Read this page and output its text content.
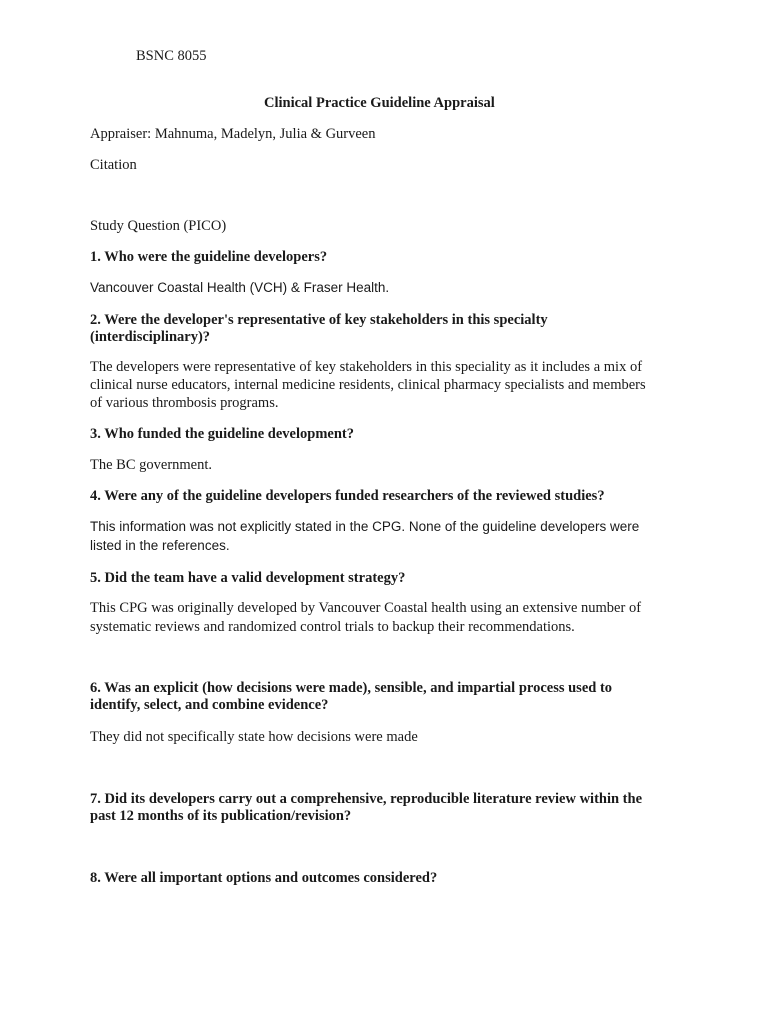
BSNC 8055

Clinical Practice Guideline Appraisal

Appraiser: Mahnuma, Madelyn, Julia & Gurveen

Citation

Study Question (PICO)

1. Who were the guideline developers?

Vancouver Coastal Health (VCH) & Fraser Health.

2. Were the developer's representative of key stakeholders in this specialty

(interdisciplinary)?

The developers were representative of key stakeholders in this speciality as it includes a mix of

clinical nurse educators, internal medicine residents, clinical pharmacy specialists and members

of various thrombosis programs.

3. Who funded the guideline development?

The BC government.

4. Were any of the guideline developers funded researchers of the reviewed studies?

This information was not explicitly stated in the CPG. None of the guideline developers were

listed in the references.

5. Did the team have a valid development strategy?

This CPG was originally developed by Vancouver Coastal health using an extensive number of

systematic reviews and randomized control trials to backup their recommendations.

6. Was an explicit (how decisions were made), sensible, and impartial process used to

identify, select, and combine evidence?

They did not specifically state how decisions were made

7. Did its developers carry out a comprehensive, reproducible literature review within the

past 12 months of its publication/revision?

8. Were all important options and outcomes considered?
